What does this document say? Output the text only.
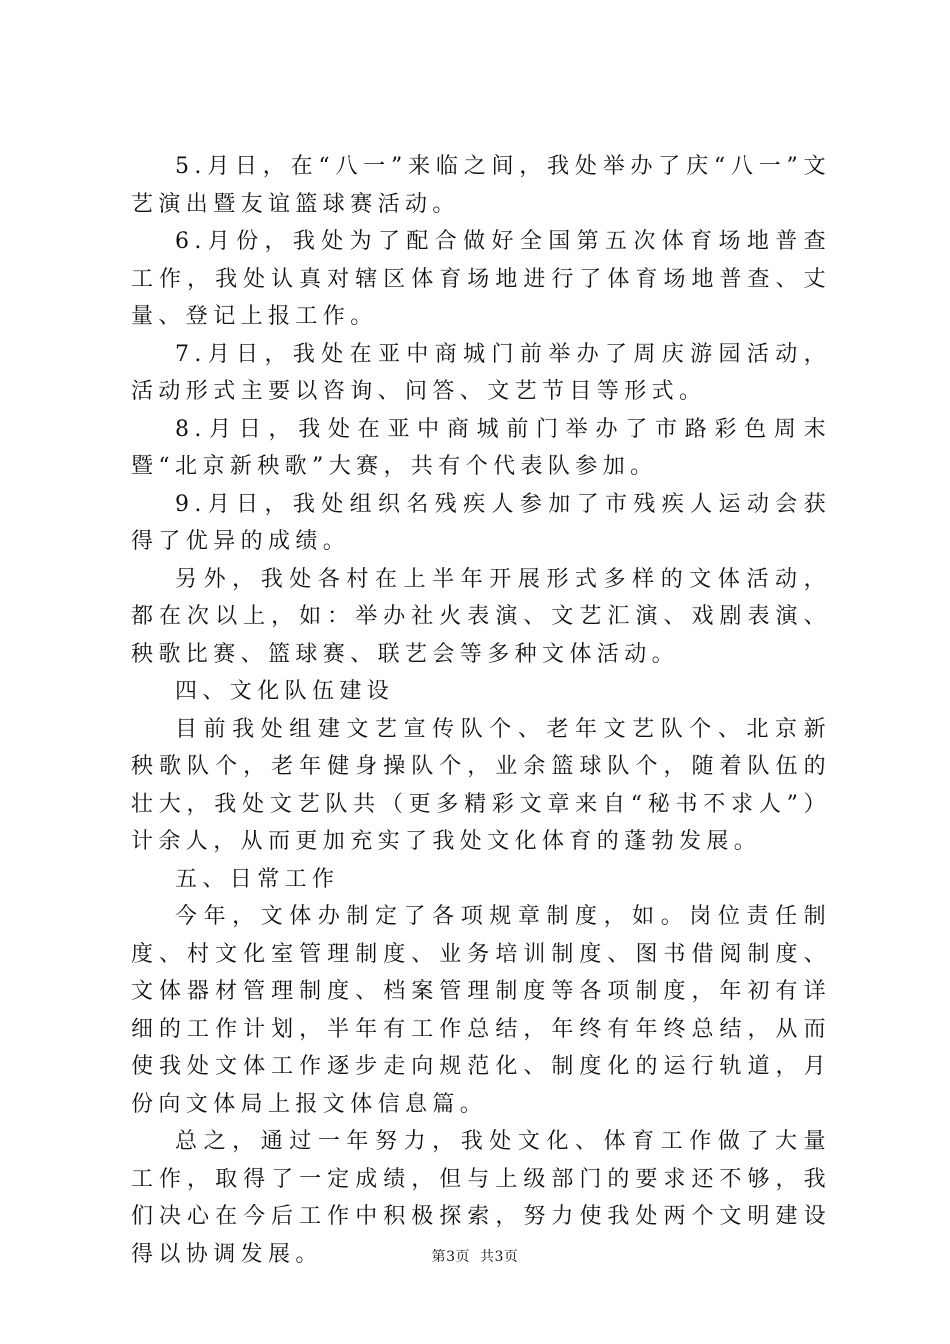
5.月日，在“八一”来临之间，我处举办了庆“八一”文艺演出暨友谊篮球赛活动。

6.月份，我处为了配合做好全国第五次体育场地普查工作，我处认真对辖区体育场地进行了体育场地普查、丈量、登记上报工作。

7.月日，我处在亚中商城门前举办了周庆游园活动，活动形式主要以咨询、问答、文艺节目等形式。

8.月日，我处在亚中商城前门举办了市路彩色周末暨“北京新秧歌”大赛，共有个代表队参加。

9.月日，我处组织名残疾人参加了市残疾人运动会获得了优异的成绩。

另外，我处各村在上半年开展形式多样的文体活动，都在次以上，如：举办社火表演、文艺汇演、戏剧表演、秧歌比赛、篮球赛、联艺会等多种文体活动。

四、文化队伍建设

目前我处组建文艺宣传队个、老年文艺队个、北京新秧歌队个，老年健身操队个，业余篮球队个，随着队伍的壮大，我处文艺队共（更多精彩文章来自“秘书不求人”）计余人，从而更加充实了我处文化体育的蓬勃发展。

五、日常工作

今年，文体办制定了各项规章制度，如。岗位责任制度、村文化室管理制度、业务培训制度、图书借阅制度、文体器材管理制度、档案管理制度等各项制度，年初有详细的工作计划，半年有工作总结，年终有年终总结，从而使我处文体工作逐步走向规范化、制度化的运行轨道，月份向文体局上报文体信息篇。

总之，通过一年努力，我处文化、体育工作做了大量工作，取得了一定成绩，但与上级部门的要求还不够，我们决心在今后工作中积极探索，努力使我处两个文明建设得以协调发展。	第3页  共3页
